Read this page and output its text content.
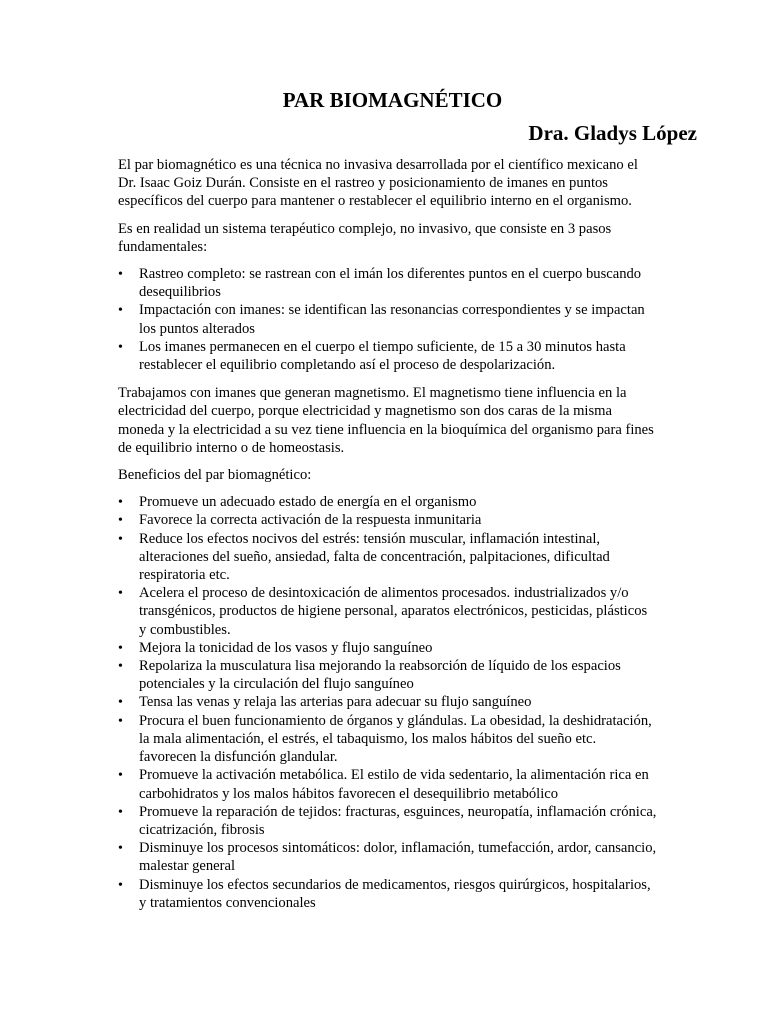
PAR BIOMAGNÉTICO
Dra. Gladys López

El par biomagnético es una técnica no invasiva desarrollada por el científico mexicano el Dr. Isaac Goiz Durán. Consiste en el rastreo y posicionamiento de imanes en puntos específicos del cuerpo para mantener o restablecer el equilibrio interno en el organismo.

Es en realidad un sistema terapéutico complejo, no invasivo, que consiste en 3 pasos fundamentales:

•
Rastreo completo: se rastrean con el imán los diferentes puntos en el cuerpo buscando desequilibrios
•
Impactación con imanes: se identifican las resonancias correspondientes y se impactan los puntos alterados
•
Los imanes permanecen en el cuerpo el tiempo suficiente, de 15 a 30 minutos hasta restablecer el equilibrio completando así el proceso de despolarización.

Trabajamos con imanes que generan magnetismo. El magnetismo tiene influencia en la electricidad del cuerpo, porque electricidad y magnetismo son dos caras de la misma moneda y la electricidad a su vez tiene influencia en la bioquímica del organismo para fines de equilibrio interno o de homeostasis.

Beneficios del par biomagnético:

•
Promueve un adecuado estado de energía en el organismo
•
Favorece la correcta activación de la respuesta inmunitaria
•
Reduce los efectos nocivos del estrés: tensión muscular, inflamación intestinal, alteraciones del sueño, ansiedad, falta de concentración, palpitaciones, dificultad respiratoria etc.
•
Acelera el proceso de desintoxicación de alimentos procesados. industrializados y/o transgénicos, productos de higiene personal, aparatos electrónicos, pesticidas, plásticos y combustibles.
•
Mejora la tonicidad de los vasos y flujo sanguíneo
•
Repolariza la musculatura lisa mejorando la reabsorción de líquido de los espacios potenciales y la circulación del flujo sanguíneo
•
Tensa las venas y relaja las arterias para adecuar su flujo sanguíneo
•
Procura el buen funcionamiento de órganos y glándulas. La obesidad, la deshidratación, la mala alimentación, el estrés, el tabaquismo, los malos hábitos del sueño etc. favorecen la disfunción glandular.
•
Promueve la activación metabólica. El estilo de vida sedentario, la alimentación rica en carbohidratos y los malos hábitos favorecen el desequilibrio metabólico
•
Promueve la reparación de tejidos: fracturas, esguinces, neuropatía, inflamación crónica, cicatrización, fibrosis
•
Disminuye los procesos sintomáticos: dolor, inflamación, tumefacción, ardor, cansancio, malestar general
•
Disminuye los efectos secundarios de medicamentos, riesgos quirúrgicos, hospitalarios, y tratamientos convencionales
